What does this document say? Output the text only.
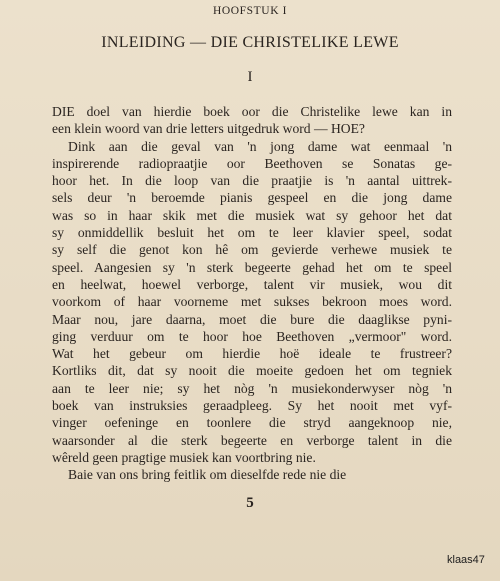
HOOFSTUK I
INLEIDING — DIE CHRISTELIKE LEWE
I
DIE doel van hierdie boek oor die Christelike lewe kan in
een klein woord van drie letters uitgedruk word — HOE?
Dink aan die geval van 'n jong dame wat eenmaal 'n
inspirerende radiopraatjie oor Beethoven se Sonatas ge-
hoor het. In die loop van die praatjie is 'n aantal uittrek-
sels deur 'n beroemde pianis gespeel en die jong dame
was so in haar skik met die musiek wat sy gehoor het dat
sy onmiddellik besluit het om te leer klavier speel, sodat
sy self die genot kon hê om gevierde verhewe musiek te
speel. Aangesien sy 'n sterk begeerte gehad het om te speel
en heelwat, hoewel verborge, talent vir musiek, wou dit
voorkom of haar voorneme met sukses bekroon moes word.
Maar nou, jare daarna, moet die bure die daaglikse pyni-
ging verduur om te hoor hoe Beethoven „vermoor" word.
Wat het gebeur om hierdie hoë ideale te frustreer?
Kortliks dit, dat sy nooit die moeite gedoen het om tegniek
aan te leer nie; sy het nòg 'n musiekonderwyser nòg 'n
boek van instruksies geraadpleeg. Sy het nooit met vyf-
vinger oefeninge en toonlere die stryd aangeknoop nie,
waarsonder al die sterk begeerte en verborge talent in die
wêreld geen pragtige musiek kan voortbring nie.
Baie van ons bring feitlik om dieselfde rede nie die
5
klaas47
